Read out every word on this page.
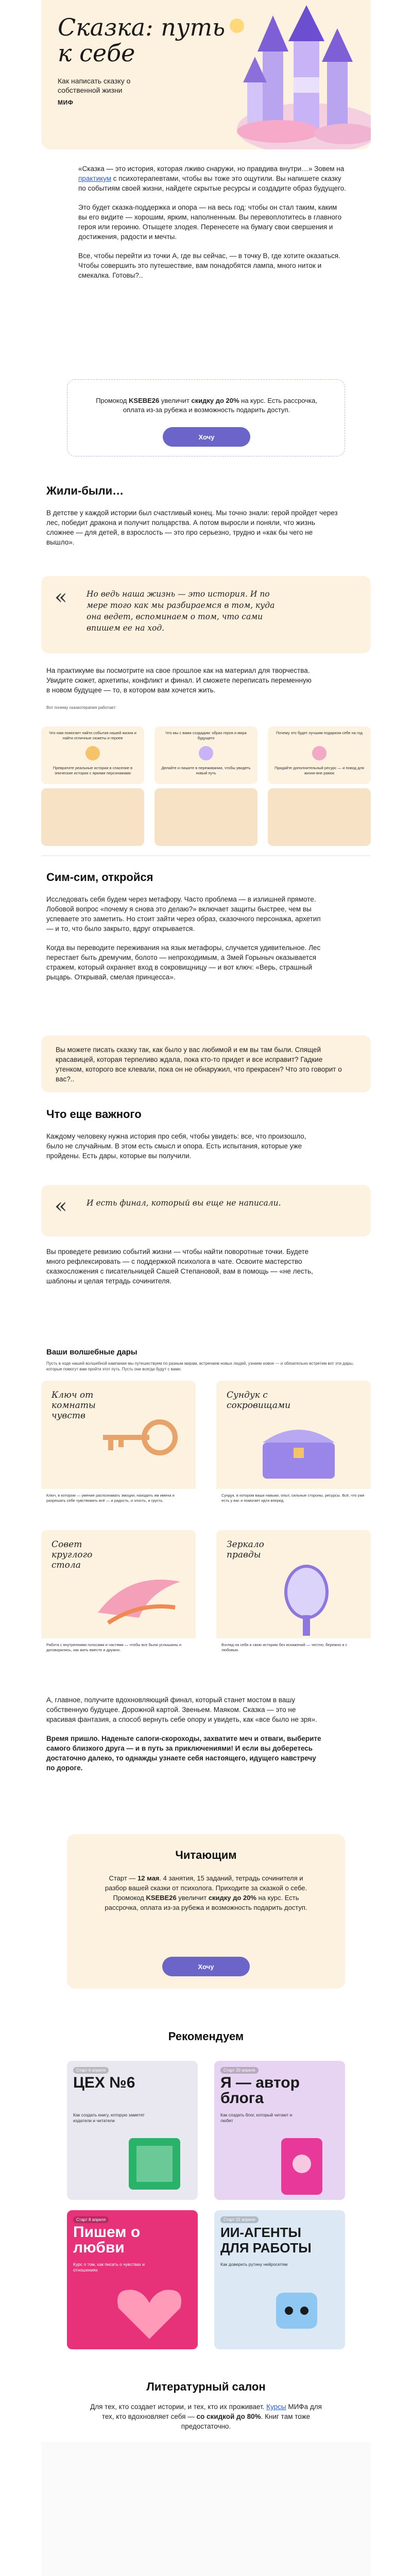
Сказка: путь к себе
Как написать сказку о собственной жизни
МИФ

«Сказка — это история, которая лживо снаружи, но правдива внутри…» Зовем на практикум с психотерапевтами, чтобы вы тоже это ощутили. Вы напишете сказку по событиям своей жизни, найдете скрытые ресурсы и создадите образ будущего.

Это будет сказка-поддержка и опора — на весь год: чтобы он стал таким, каким вы его видите — хорошим, ярким, наполненным. Вы перевоплотитесь в главного героя или героиню. Отыщете злодея. Перенесете на бумагу свои свершения и достижения, радости и мечты.

Все, чтобы перейти из точки А, где вы сейчас, — в точку B, где хотите оказаться. Чтобы совершить это путешествие, вам понадобятся лампа, много ниток и смекалка. Готовы?..

Промокод KSEBE26 увеличит скидку до 20% на курс. Есть рассрочка, оплата из-за рубежа и возможность подарить доступ.
Хочу
Жили-были…

В детстве у каждой истории был счастливый конец. Мы точно знали: герой пройдет через лес, победит дракона и получит полцарства. А потом выросли и поняли, что жизнь сложнее — для детей, в взрослость — это про серьезно, трудно и «как бы чего не вышло».

« Но ведь наша жизнь — это история. И по мере того как мы разбираемся в том, куда она ведет, вспоминаем о том, что сами впишем ее на ход.

На практикуме вы посмотрите на свое прошлое как на материал для творчества. Увидите сюжет, архетипы, конфликт и финал. И сможете переписать переменную в новом будущее — то, в котором вам хочется жить.

Вот почему сказкотерапия работает:
Что нам помогает найти события нашей жизни и найти отличные сюжеты и героев
Превратите реальные истории в спасение в эпические истории с яркими персонажами
Что мы с вами создадим: образ героя и мира будущего
Делайте и пишите в переживании, чтобы увидеть новый путь
Почему это будет лучшим подарком себе на год
Придайте дополнительный ресурс — и повод для жизни вне рамок
Сим-сим, откройся

Исследовать себя будем через метафору. Часто проблема — в излишней прямоте. Лобовой вопрос «почему я снова это делаю?» включает защиты быстрее, чем вы успеваете это заметить. Но стоит зайти через образ, сказочного персонажа, архетип — и то, что было закрыто, вдруг открывается.

Когда вы переводите переживания на язык метафоры, случается удивительное. Лес перестает быть дремучим, болото — непроходимым, а Змей Горыныч оказывается стражем, который охраняет вход в сокровищницу — и вот ключ: «Верь, страшный рыцарь. Открывай, смелая принцесса».

Вы можете писать сказку так, как было у вас любимой и ем вы там были. Спящей красавицей, которая терпеливо ждала, пока кто-то придет и все исправит? Гадкие утенком, которого все клевали, пока он не обнаружил, что прекрасен? Что это говорит о вас?..

Что еще важного

Каждому человеку нужна история про себя, чтобы увидеть: все, что произошло, было не случайным. В этом есть смысл и опора. Есть испытания, которые уже пройдены. Есть дары, которые вы получили.

« И есть финал, который вы еще не написали.

Вы проведете ревизию событий жизни — чтобы найти поворотные точки. Будете много рефлексировать — с поддержкой психолога в чате. Освоите мастерство сказкосложения с писательницей Сашей Степановой, вам в помощь — «не лесть, шаблоны и целая тетрадь сочинителя.

Ваши волшебные дары

Пусть в ходе нашей волшебной кампании мы путешествуем по разным мирам, встречаем новых людей, узнаем новое — и обязательно встретим вот эти дары, которые помогут вам пройти этот путь. Пусть они всегда будут с вами.

Ключ от комнаты чувств
Ключ, в котором — умение распознавать эмоции, находить им имена и разрешать себе чувствовать всё — и радость, и злость, и грусть.
Сундук с сокровищами
Сундук, в котором ваши навыки, опыт, сильные стороны, ресурсы. Всё, что уже есть у вас и помогает идти вперед.
Совет круглого стола
Работа с внутренними голосами и частями — чтобы все были услышаны и договорились, как жить вместе и дружно.
Зеркало правды
Взгляд на себя и свою историю без искажений — честно, бережно и с любовью.

А, главное, получите вдохновляющий финал, который станет мостом в вашу собственную будущее. Дорожной картой. Звеньем. Маяком. Сказка — это не красивая фантазия, а способ вернуть себе опору и увидеть, как «все было не зря».

Время пришло. Наденьте сапоги-скороходы, захватите меч и отваги, выберите самого близкого друга — и в путь за приключениями! И если вы доберетесь достаточно далеко, то однажды узнаете себя настоящего, идущего навстречу по дороге.

Читающим
Старт — 12 мая. 4 занятия, 15 заданий, тетрадь сочинителя и разбор вашей сказки от психолога. Приходите за сказкой о себе. Промокод KSEBE26 увеличит скидку до 20% на курс. Есть рассрочка, оплата из-за рубежа и возможность подарить доступ.
Хочу
Рекомендуем
Старт 6 апреля
ЦЕХ №6
Как создать книгу, которую заметят издатели и читатели
Старт 20 апреля
Я — автор блога
Как создать блог, который читают и любят
Старт 8 апреля
Пишем о любви
Курс о том, как писать о чувствах и отношениях
Старт 22 апреля
ИИ-АГЕНТЫ ДЛЯ РАБОТЫ
Как доверить рутину нейросетям
Литературный салон

Для тех, кто создает истории, и тех, кто их проживает. Курсы МИФа для тех, кто вдохновляет себя — со скидкой до 80%. Книг там тоже предостаточно.
